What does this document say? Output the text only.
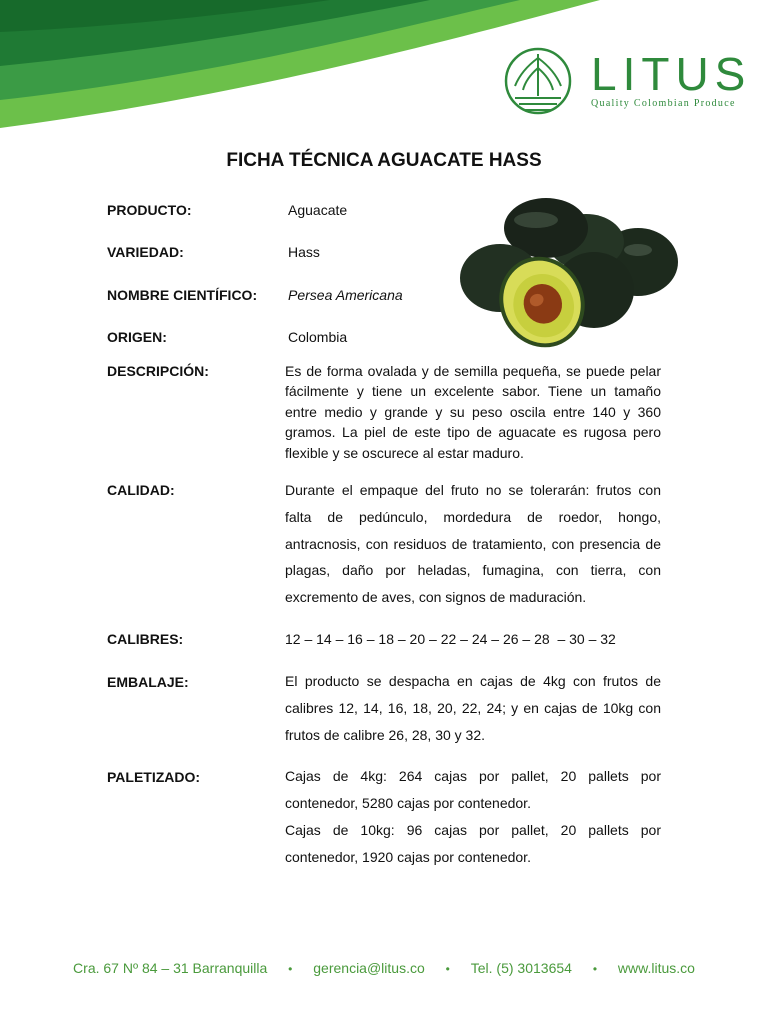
LITUS
Quality Colombian Produce
FICHA TÉCNICA AGUACATE HASS
PRODUCTO:	Aguacate
VARIEDAD:	Hass
NOMBRE CIENTÍFICO: Persea Americana
ORIGEN:	Colombia
DESCRIPCIÓN:	Es de forma ovalada y de semilla pequeña, se puede pelar fácilmente y tiene un excelente sabor. Tiene un tamaño entre medio y grande y su peso oscila entre 140 y 360 gramos. La piel de este tipo de aguacate es rugosa pero flexible y se oscurece al estar maduro.
CALIDAD:	Durante el empaque del fruto no se tolerarán: frutos con falta de pedúnculo, mordedura de roedor, hongo, antracnosis, con residuos de tratamiento, con presencia de plagas, daño por heladas, fumagina, con tierra, con excremento de aves, con signos de maduración.
CALIBRES:	12 – 14 – 16 – 18 – 20 – 22 – 24 – 26 – 28  – 30 – 32
EMBALAJE:	El producto se despacha en cajas de 4kg con frutos de calibres 12, 14, 16, 18, 20, 22, 24; y en cajas de 10kg con frutos de calibre 26, 28, 30 y 32.
PALETIZADO:	Cajas de 4kg: 264 cajas por pallet, 20 pallets por contenedor, 5280 cajas por contenedor.
Cajas de 10kg: 96 cajas por pallet, 20 pallets por contenedor, 1920 cajas por contenedor.
Cra. 67 Nº 84 – 31 Barranquilla • gerencia@litus.co • Tel. (5) 3013654 • www.litus.co
